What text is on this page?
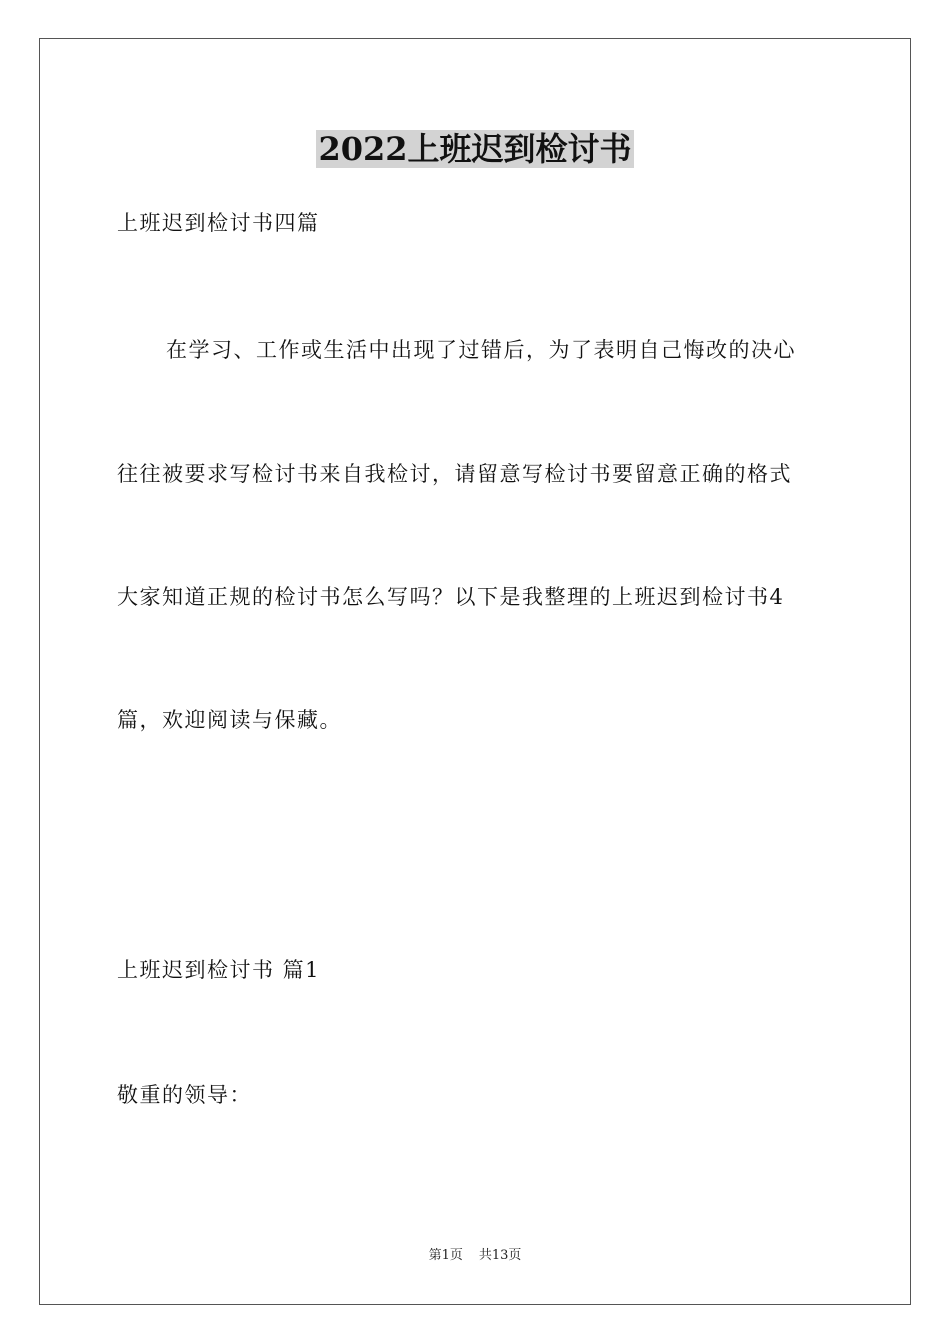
2022上班迟到检讨书
上班迟到检讨书四篇
在学习、工作或生活中出现了过错后，为了表明自己悔改的决心
往往被要求写检讨书来自我检讨，请留意写检讨书要留意正确的格式
大家知道正规的检讨书怎么写吗？以下是我整理的上班迟到检讨书4
篇，欢迎阅读与保藏。
上班迟到检讨书 篇1
敬重的领导：
第1页 共13页
